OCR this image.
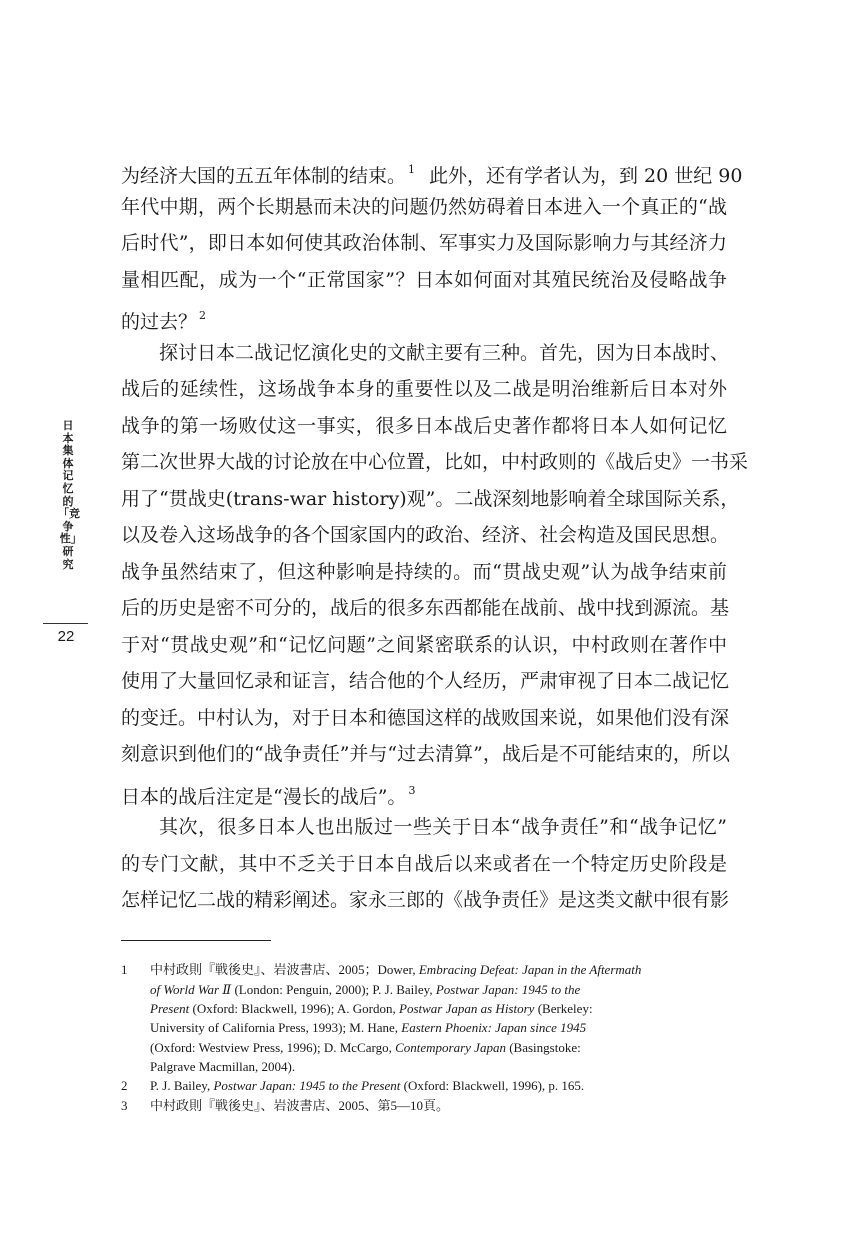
为经济大国的五五年体制的结束。 $^1$ 此外，还有学者认为，到 20 世纪 90
年代中期，两个长期悬而未决的问题仍然妨碍着日本进入一个真正的“战
后时代”，即日本如何使其政治体制、军事实力及国际影响力与其经济力
量相匹配，成为一个“正常国家”？日本如何面对其殖民统治及侵略战争
的过去？ $^2$
探讨日本二战记忆演化史的文献主要有三种。首先，因为日本战时、
战后的延续性，这场战争本身的重要性以及二战是明治维新后日本对外
战争的第一场败仗这一事实，很多日本战后史著作都将日本人如何记忆
第二次世界大战的讨论放在中心位置，比如，中村政则的《战后史》一书采
用了“贯战史(trans-war history)观”。二战深刻地影响着全球国际关系，
以及卷入这场战争的各个国家国内的政治、经济、社会构造及国民思想。
战争虽然结束了，但这种影响是持续的。而“贯战史观”认为战争结束前
后的历史是密不可分的，战后的很多东西都能在战前、战中找到源流。基
于对“贯战史观”和“记忆问题”之间紧密联系的认识，中村政则在著作中
使用了大量回忆录和证言，结合他的个人经历，严肃审视了日本二战记忆
的变迁。中村认为，对于日本和德国这样的战败国来说，如果他们没有深
刻意识到他们的“战争责任”并与“过去清算”，战后是不可能结束的，所以
日本的战后注定是“漫长的战后”。 $^3$
其次，很多日本人也出版过一些关于日本“战争责任”和“战争记忆”
的专门文献，其中不乏关于日本自战后以来或者在一个特定历史阶段是
怎样记忆二战的精彩阐述。家永三郎的《战争责任》是这类文献中很有影
日本集体记忆的「竞争性」研究
22
1	中村政則『戦後史』、岩波書店、2005；Dower, Embracing Defeat: Japan in the Aftermath
of World War Ⅱ (London: Penguin, 2000); P. J. Bailey, Postwar Japan: 1945 to the
Present (Oxford: Blackwell, 1996); A. Gordon, Postwar Japan as History (Berkeley:
University of California Press, 1993); M. Hane, Eastern Phoenix: Japan since 1945
(Oxford: Westview Press, 1996); D. McCargo, Contemporary Japan (Basingstoke:
Palgrave Macmillan, 2004).
2	P. J. Bailey, Postwar Japan: 1945 to the Present (Oxford: Blackwell, 1996), p. 165.
3	中村政則『戦後史』、岩波書店、2005、第5—10頁。
